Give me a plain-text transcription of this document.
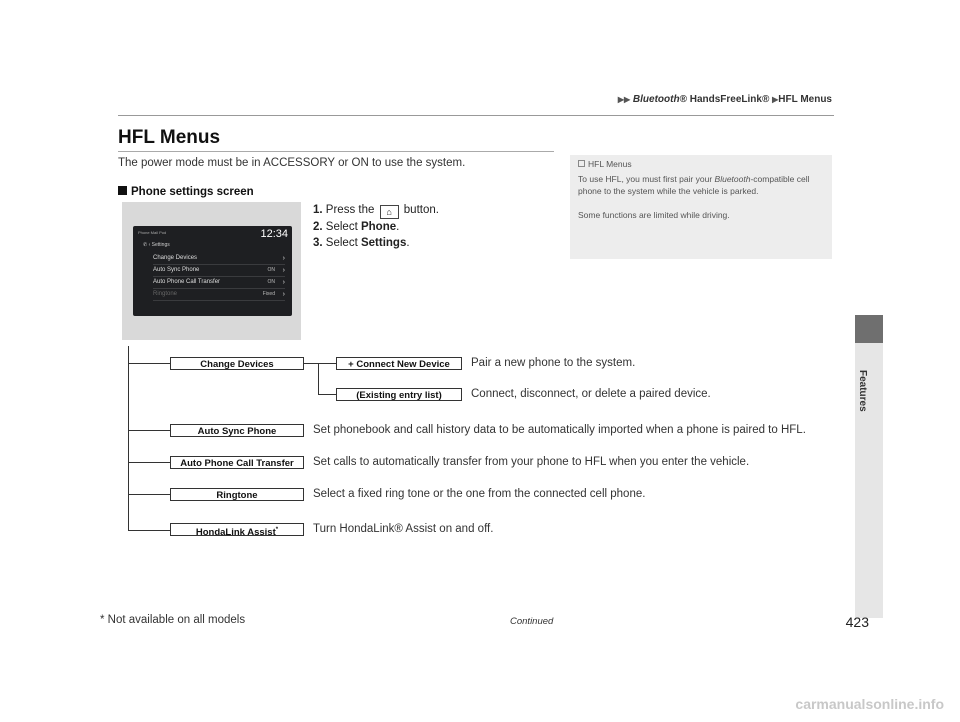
▶▶ Bluetooth® HandsFreeLink® ▶HFL Menus
HFL Menus
The power mode must be in ACCESSORY or ON to use the system.
Phone settings screen
1. Press the ⌂ button.
2. Select Phone.
3. Select Settings.
Phone Mail Pod	12:34
✆ ‹ Settings
Change Devices	›
Auto Sync Phone	ON ›
Auto Phone Call Transfer	ON ›
Ringtone	Fixed ›
HFL Menus
To use HFL, you must first pair your Bluetooth-compatible cell phone to the system while the vehicle is parked.

Some functions are limited while driving.
Features
Change Devices	+ Connect New Device	Pair a new phone to the system.
(Existing entry list)	Connect, disconnect, or delete a paired device.
Auto Sync Phone	Set phonebook and call history data to be automatically imported when a phone is paired to HFL.
Auto Phone Call Transfer	Set calls to automatically transfer from your phone to HFL when you enter the vehicle.
Ringtone	Select a fixed ring tone or the one from the connected cell phone.
HondaLink Assist*	Turn HondaLink® Assist on and off.
* Not available on all models	Continued	423
carmanualsonline.info
